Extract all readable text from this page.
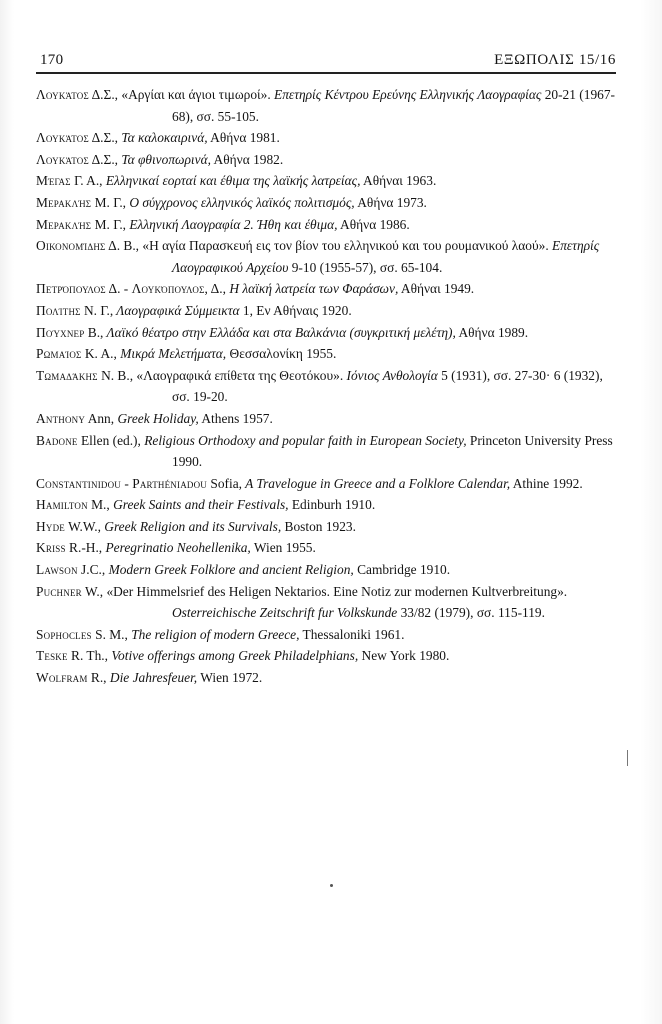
170	ΕΞΩΠΟΛΙΣ 15/16

Λουκάτος Δ.Σ., «Αργίαι και άγιοι τιμωροί». Επετηρίς Κέντρου Ερεύνης Ελληνικής Λαογραφίας 20-21 (1967-68), σσ. 55-105.

Λουκάτος Δ.Σ., Τα καλοκαιρινά, Αθήνα 1981.

Λουκάτος Δ.Σ., Τα φθινοπωρινά, Αθήνα 1982.

Μέγας Γ. Α., Ελληνικαί εορταί και έθιμα της λαϊκής λατρείας, Αθήναι 1963.

Μερακλής Μ. Γ., Ο σύγχρονος ελληνικός λαϊκός πολιτισμός, Αθήνα 1973.

Μερακλής Μ. Γ., Ελληνική Λαογραφία 2. Ήθη και έθιμα, Αθήνα 1986.

Οικονομίδης Δ. Β., «Η αγία Παρασκευή εις τον βίον του ελληνικού και του ρουμανικού λαού». Επετηρίς Λαογραφικού Αρχείου 9-10 (1955-57), σσ. 65-104.

Πετρόπουλος Δ. - Λουκόπουλος, Δ., Η λαϊκή λατρεία των Φαράσων, Αθήναι 1949.

Πολίτης Ν. Γ., Λαογραφικά Σύμμεικτα 1, Εν Αθήναις 1920.

Πούχνερ Β., Λαϊκό θέατρο στην Ελλάδα και στα Βαλκάνια (συγκριτική μελέτη), Αθήνα 1989.

Ρωμαίος Κ. Α., Μικρά Μελετήματα, Θεσσαλονίκη 1955.

Τωμαδάκης Ν. Β., «Λαογραφικά επίθετα της Θεοτόκου». Ιόνιος Ανθολογία 5 (1931), σσ. 27-30· 6 (1932), σσ. 19-20.

Anthony Ann, Greek Holiday, Athens 1957.

Badone Ellen (ed.), Religious Orthodoxy and popular faith in European Society, Princeton University Press 1990.

Constantinidou - Parthéniadou Sofia, A Travelogue in Greece and a Folklore Calendar, Athine 1992.

Hamilton M., Greek Saints and their Festivals, Edinburh 1910.

Hyde W.W., Greek Religion and its Survivals, Boston 1923.

Kriss R.-H., Peregrinatio Neohellenika, Wien 1955.

Lawson J.C., Modern Greek Folklore and ancient Religion, Cambridge 1910.

Puchner W., «Der Himmelsrief des Heligen Nektarios. Eine Notiz zur modernen Kultverbreitung». Osterreichische Zeitschrift fur Volkskunde 33/82 (1979), σσ. 115-119.

Sophocles S. M., The religion of modern Greece, Thessaloniki 1961.

Teske R. Th., Votive offerings among Greek Philadelphians, New York 1980.

Wolfram R., Die Jahresfeuer, Wien 1972.
